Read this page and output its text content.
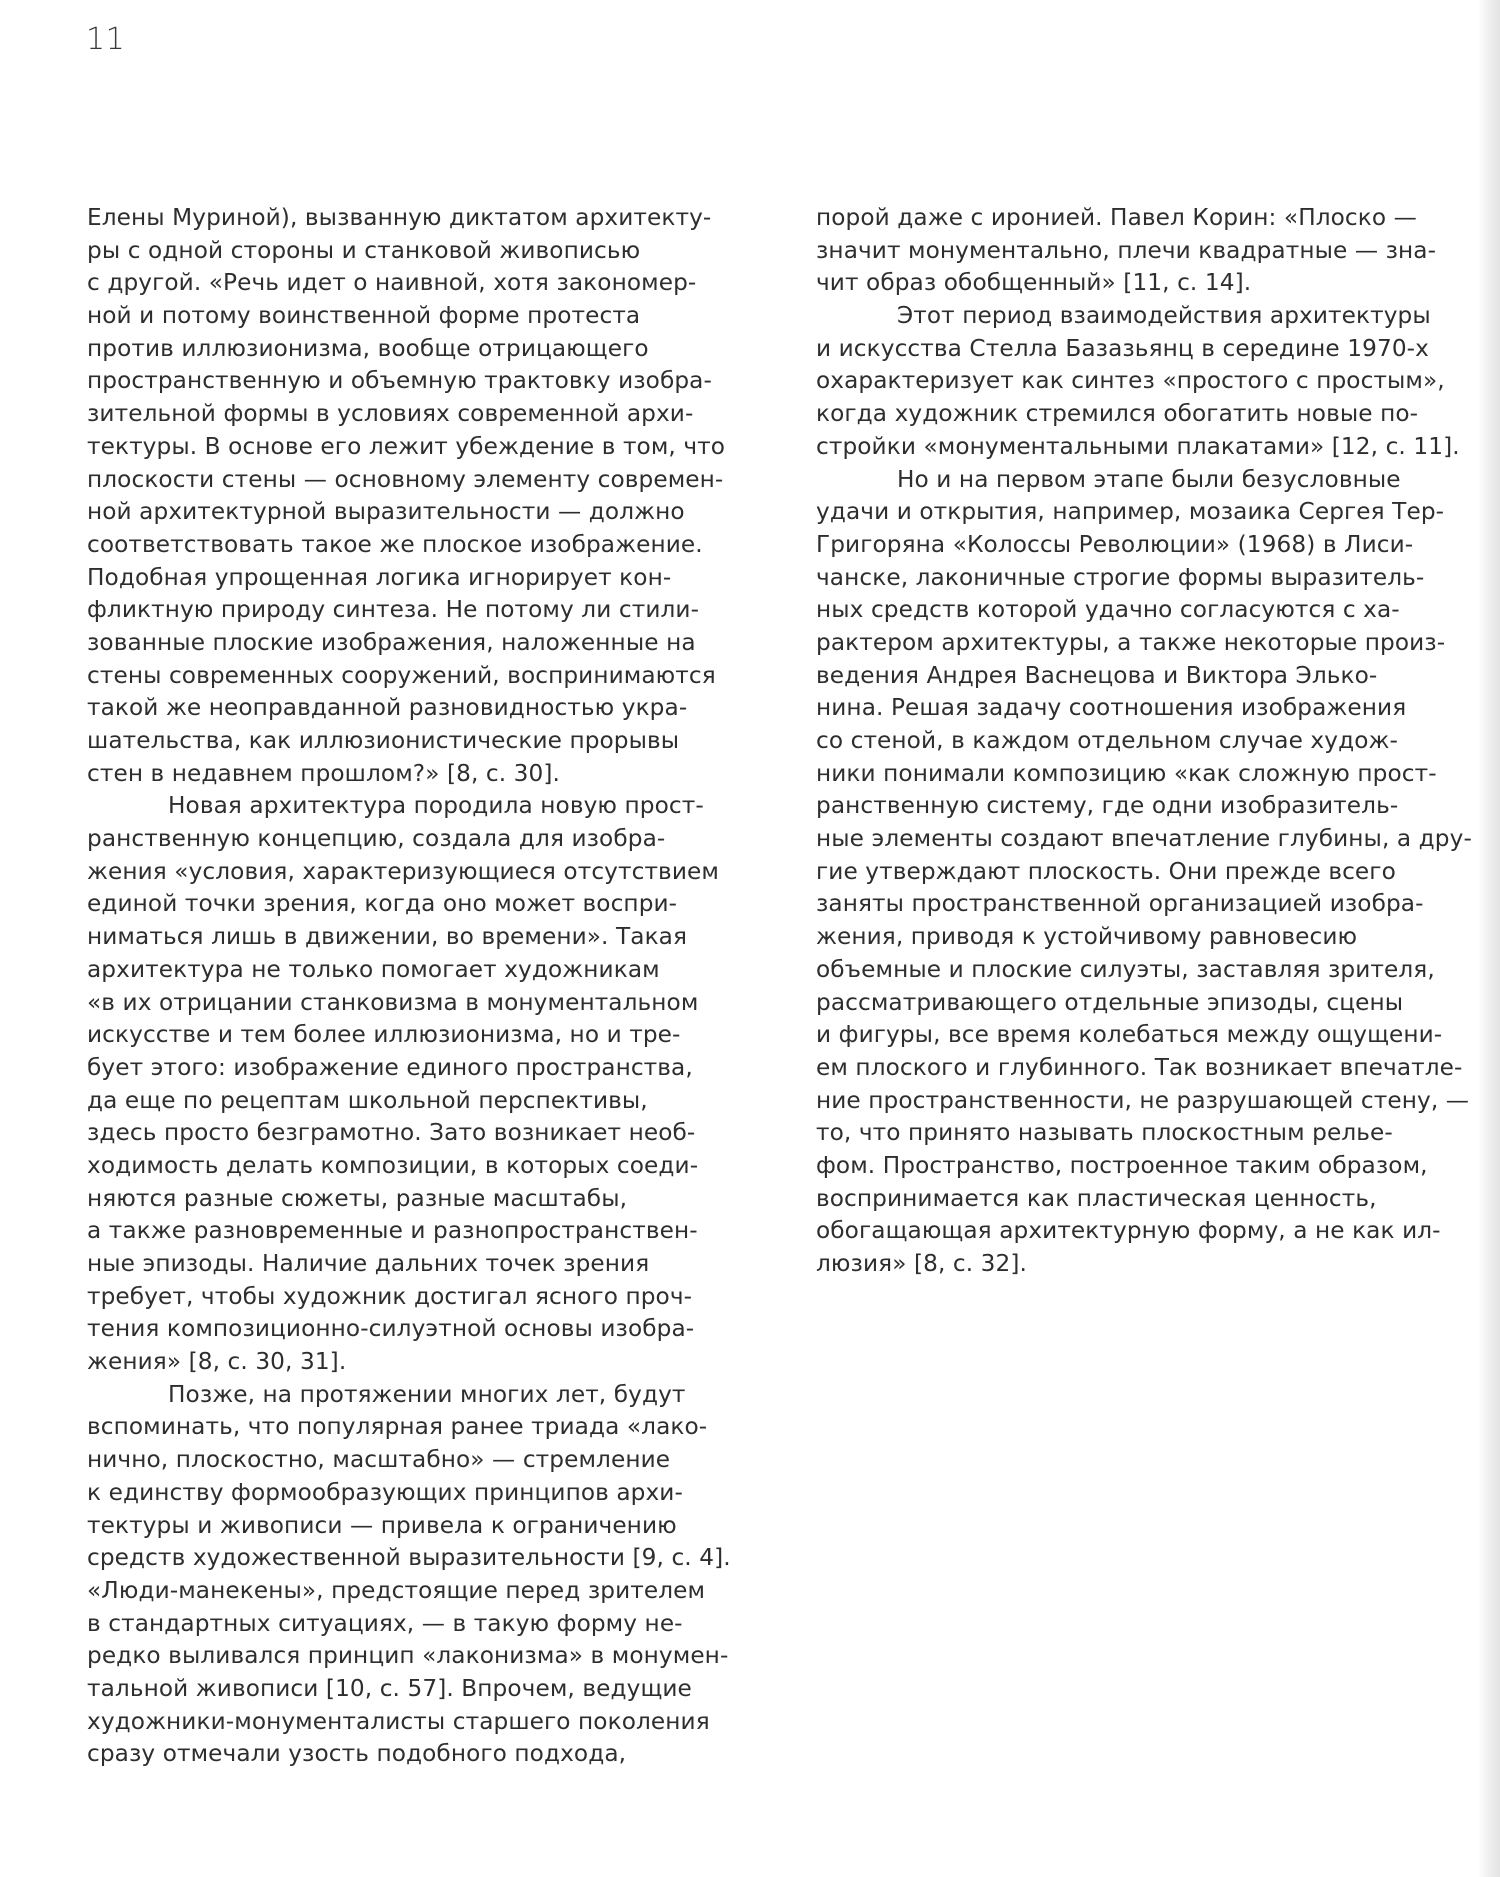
11
Елены Муриной), вызванную диктатом архитекту-
ры с одной стороны и станковой живописью
с другой. «Речь идет о наивной, хотя закономер-
ной и потому воинственной форме протеста
против иллюзионизма, вообще отрицающего
пространственную и объемную трактовку изобра-
зительной формы в условиях современной архи-
тектуры. В основе его лежит убеждение в том, что
плоскости стены — основному элементу современ-
ной архитектурной выразительности — должно
соответствовать такое же плоское изображение.
Подобная упрощенная логика игнорирует кон-
фликтную природу синтеза. Не потому ли стили-
зованные плоские изображения, наложенные на
стены современных сооружений, воспринимаются
такой же неоправданной разновидностью укра-
шательства, как иллюзионистические прорывы
стен в недавнем прошлом?» [8, с. 30].
Новая архитектура породила новую прост-
ранственную концепцию, создала для изобра-
жения «условия, характеризующиеся отсутствием
единой точки зрения, когда оно может воспри-
ниматься лишь в движении, во времени». Такая
архитектура не только помогает художникам
«в их отрицании станковизма в монументальном
искусстве и тем более иллюзионизма, но и тре-
бует этого: изображение единого пространства,
да еще по рецептам школьной перспективы,
здесь просто безграмотно. Зато возникает необ-
ходимость делать композиции, в которых соеди-
няются разные сюжеты, разные масштабы,
а также разновременные и разнопространствен-
ные эпизоды. Наличие дальних точек зрения
требует, чтобы художник достигал ясного проч-
тения композиционно-силуэтной основы изобра-
жения» [8, с. 30, 31].
Позже, на протяжении многих лет, будут
вспоминать, что популярная ранее триада «лако-
нично, плоскостно, масштабно» — стремление
к единству формообразующих принципов архи-
тектуры и живописи — привела к ограничению
средств художественной выразительности [9, с. 4].
«Люди-манекены», предстоящие перед зрителем
в стандартных ситуациях, — в такую форму не-
редко выливался принцип «лаконизма» в монумен-
тальной живописи [10, с. 57]. Впрочем, ведущие
художники-монументалисты старшего поколения
сразу отмечали узость подобного подхода,
порой даже с иронией. Павел Корин: «Плоско —
значит монументально, плечи квадратные — зна-
чит образ обобщенный» [11, с. 14].
Этот период взаимодействия архитектуры
и искусства Стелла Базазьянц в середине 1970-х
охарактеризует как синтез «простого с простым»,
когда художник стремился обогатить новые по-
стройки «монументальными плакатами» [12, с. 11].
Но и на первом этапе были безусловные
удачи и открытия, например, мозаика Сергея Тер-
Григоряна «Колоссы Революции» (1968) в Лиси-
чанске, лаконичные строгие формы выразитель-
ных средств которой удачно согласуются с ха-
рактером архитектуры, а также некоторые произ-
ведения Андрея Васнецова и Виктора Элько-
нина. Решая задачу соотношения изображения
со стеной, в каждом отдельном случае худож-
ники понимали композицию «как сложную прост-
ранственную систему, где одни изобразитель-
ные элементы создают впечатление глубины, а дру-
гие утверждают плоскость. Они прежде всего
заняты пространственной организацией изобра-
жения, приводя к устойчивому равновесию
объемные и плоские силуэты, заставляя зрителя,
рассматривающего отдельные эпизоды, сцены
и фигуры, все время колебаться между ощущени-
ем плоского и глубинного. Так возникает впечатле-
ние пространственности, не разрушающей стену, —
то, что принято называть плоскостным релье-
фом. Пространство, построенное таким образом,
воспринимается как пластическая ценность,
обогащающая архитектурную форму, а не как ил-
люзия» [8, с. 32].
